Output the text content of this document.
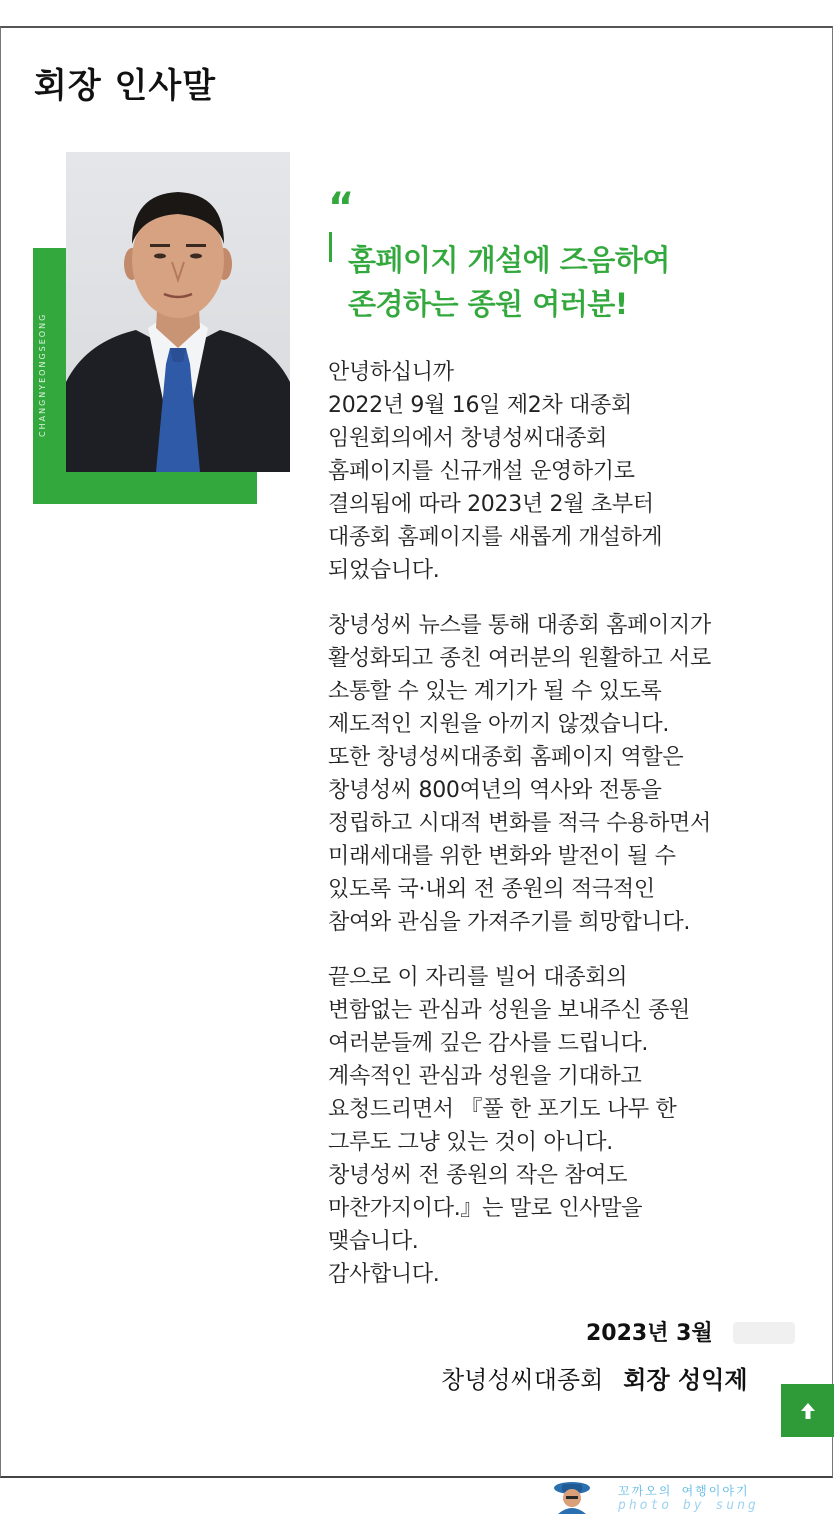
회장 인사말
CHANGNYEONGSEONG
“
홈페이지 개설에 즈음하여
존경하는 종원 여러분!
안녕하십니까
2022년 9월 16일 제2차 대종회
임원회의에서 창녕성씨대종회
홈페이지를 신규개설 운영하기로
결의됨에 따라 2023년 2월 초부터
대종회 홈페이지를 새롭게 개설하게
되었습니다.
창녕성씨 뉴스를 통해 대종회 홈페이지가
활성화되고 종친 여러분의 원활하고 서로
소통할 수 있는 계기가 될 수 있도록
제도적인 지원을 아끼지 않겠습니다.
또한 창녕성씨대종회 홈페이지 역할은
창녕성씨 800여년의 역사와 전통을
정립하고 시대적 변화를 적극 수용하면서
미래세대를 위한 변화와 발전이 될 수
있도록 국·내외 전 종원의 적극적인
참여와 관심을 가져주기를 희망합니다.
끝으로 이 자리를 빌어 대종회의
변함없는 관심과 성원을 보내주신 종원
여러분들께 깊은 감사를 드립니다.
계속적인 관심과 성원을 기대하고
요청드리면서 『풀 한 포기도 나무 한
그루도 그냥 있는 것이 아니다.
창녕성씨 전 종원의 작은 참여도
마찬가지이다.』는 말로 인사말을
맺습니다.
감사합니다.
2023년 3월
창녕성씨대종회 회장 성익제
꼬까오의 여행이야기
photo by sung
